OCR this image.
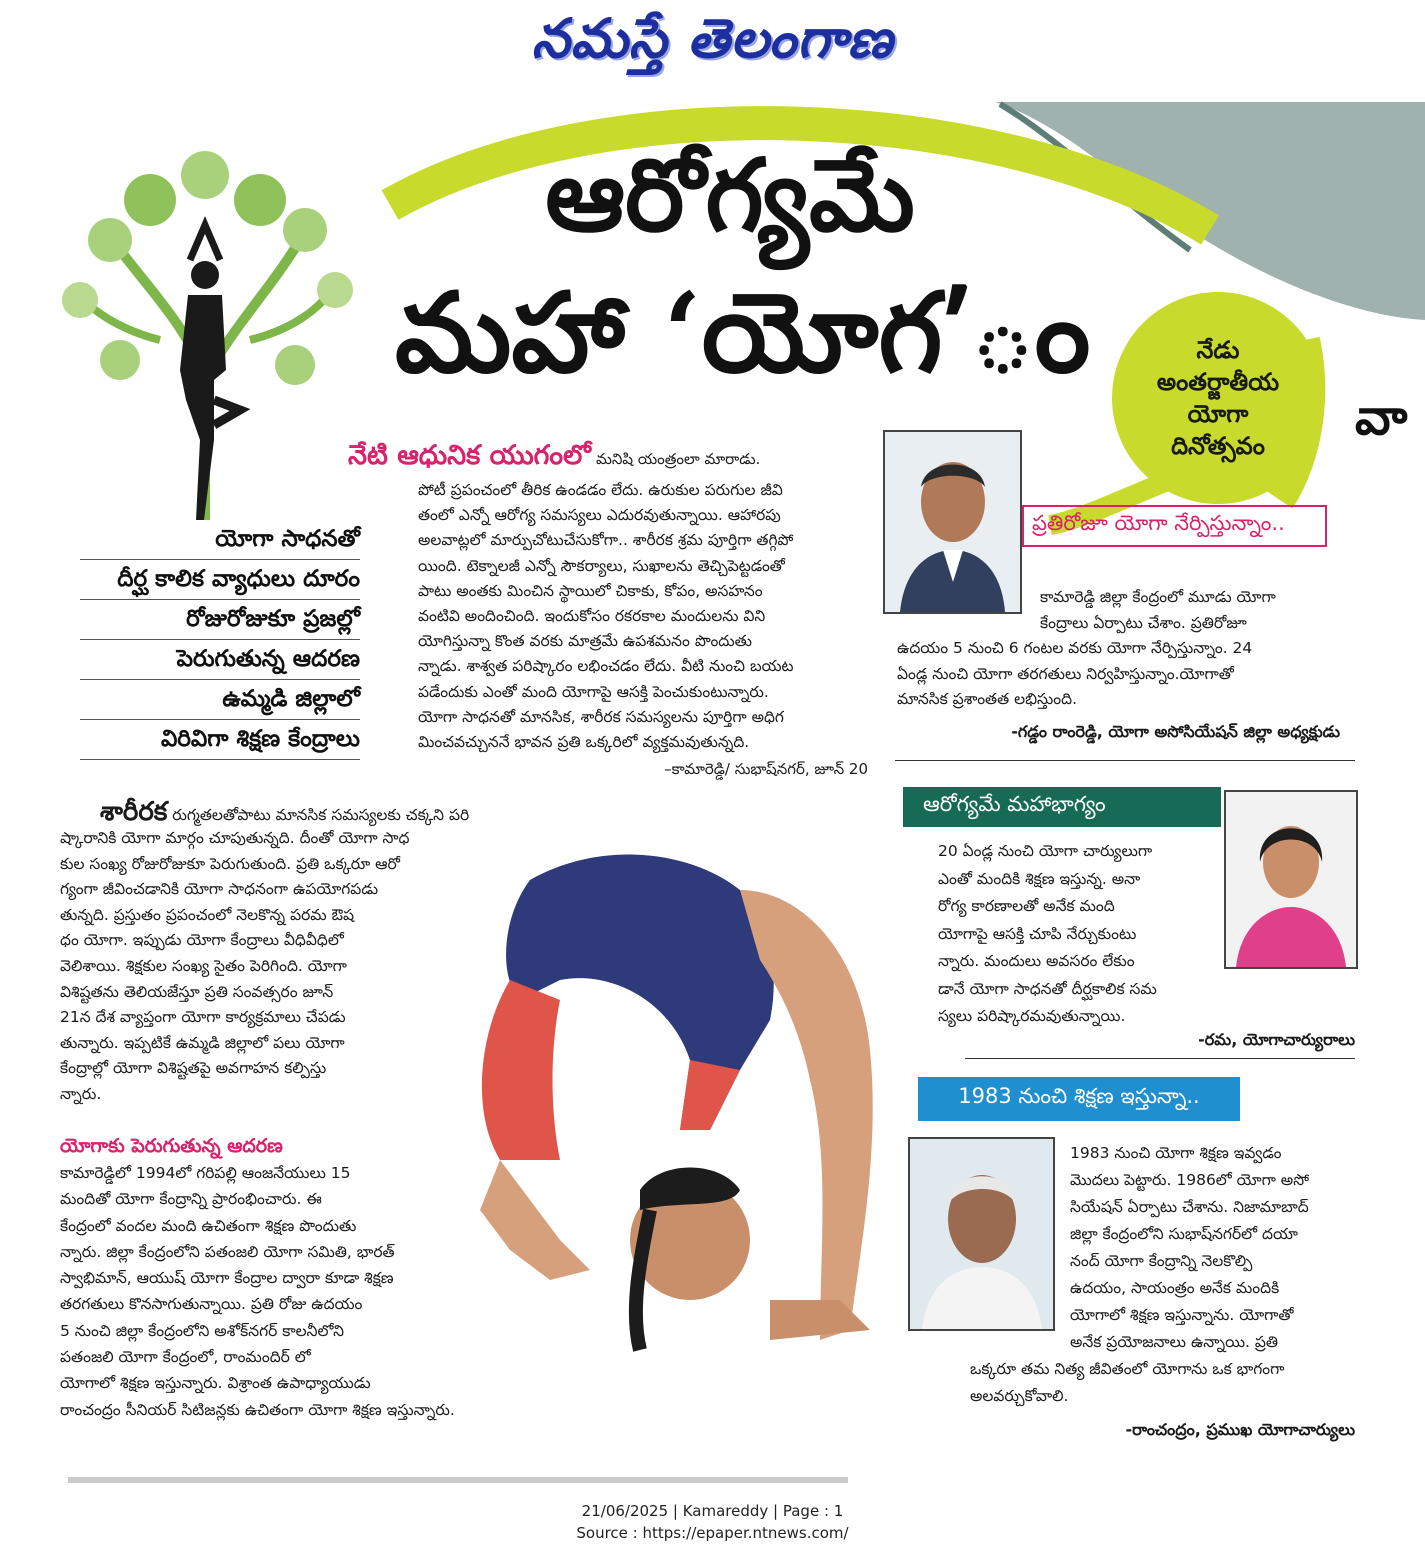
నమస్తే తెలంగాణ
ఆరోగ్యమే
మహా ‘యోగ’ం	నేడు
అంతర్జాతీయ
యోగా
దినోత్సవం వా
యోగా సాధనతో
దీర్ఘ కాలిక వ్యాధులు దూరం
రోజురోజుకూ ప్రజల్లో
పెరుగుతున్న ఆదరణ
ఉమ్మడి జిల్లాలో
విరివిగా శిక్షణ కేంద్రాలు
నేటి ఆధునిక యుగంలో మనిషి యంత్రంలా మారాడు.
పోటీ ప్రపంచంలో తీరిక ఉండడం లేదు. ఉరుకుల పరుగుల జీవి
తంలో ఎన్నో ఆరోగ్య సమస్యలు ఎదురవుతున్నాయి. ఆహారపు
అలవాట్లలో మార్పుచోటుచేసుకోగా.. శారీరక శ్రమ పూర్తిగా తగ్గిపో
యింది. టెక్నాలజీ ఎన్నో సౌకర్యాలు, సుఖాలను తెచ్చిపెట్టడంతో
పాటు అంతకు మించిన స్థాయిలో చికాకు, కోపం, అసహనం
వంటివి అందించింది. ఇందుకోసం రకరకాల మందులను విని
యోగిస్తున్నా కొంత వరకు మాత్రమే ఉపశమనం పొందుతు
న్నాడు. శాశ్వత పరిష్కారం లభించడం లేదు. వీటి నుంచి బయట
పడేందుకు ఎంతో మంది యోగాపై ఆసక్తి పెంచుకుంటున్నారు.
యోగా సాధనతో మానసిక, శారీరక సమస్యలను పూర్తిగా అధిగ
మించవచ్చుననే భావన ప్రతి ఒక్కరిలో వ్యక్తమవుతున్నది.
–కామారెడ్డి/ సుభాష్‌నగర్, జూన్ 20
శారీరక రుగ్మతలతోపాటు మానసిక సమస్యలకు చక్కని పరి
ష్కారానికి యోగా మార్గం చూపుతున్నది. దీంతో యోగా సాధ
కుల సంఖ్య రోజురోజుకూ పెరుగుతుంది. ప్రతి ఒక్కరూ ఆరో
గ్యంగా జీవించడానికి యోగా సాధనంగా ఉపయోగపడు
తున్నది. ప్రస్తుతం ప్రపంచంలో నెలకొన్న పరమ ఔష
ధం యోగా. ఇప్పుడు యోగా కేంద్రాలు వీధివీధిలో
వెలిశాయి. శిక్షకుల సంఖ్య సైతం పెరిగింది. యోగా
విశిష్టతను తెలియజేస్తూ ప్రతి సంవత్సరం జూన్
21న దేశ వ్యాప్తంగా యోగా కార్యక్రమాలు చేపడు
తున్నారు. ఇప్పటికే ఉమ్మడి జిల్లాలో పలు యోగా
కేంద్రాల్లో యోగా విశిష్టతపై అవగాహన కల్పిస్తు
న్నారు.
యోగాకు పెరుగుతున్న ఆదరణ
కామారెడ్డిలో 1994లో గరిపల్లి ఆంజనేయులు 15
మందితో యోగా కేంద్రాన్ని ప్రారంభించారు. ఈ
కేంద్రంలో వందల మంది ఉచితంగా శిక్షణ పొందుతు
న్నారు. జిల్లా కేంద్రంలోని పతంజలి యోగా సమితి, భారత్
స్వాభిమాన్, ఆయుష్ యోగా కేంద్రాల ద్వారా కూడా శిక్షణ
తరగతులు కొనసాగుతున్నాయి. ప్రతి రోజు ఉదయం
5 నుంచి జిల్లా కేంద్రంలోని అశోక్‌నగర్ కాలనీలోని
పతంజలి యోగా కేంద్రంలో, రాంమందిర్ లో
యోగాలో శిక్షణ ఇస్తున్నారు. విశ్రాంత ఉపాధ్యాయుడు
రాంచంద్రం సీనియర్ సిటిజన్లకు ఉచితంగా యోగా శిక్షణ ఇస్తున్నారు.
ప్రతిరోజూ యోగా నేర్పిస్తున్నాం..
కామారెడ్డి జిల్లా కేంద్రంలో మూడు యోగా
కేంద్రాలు ఏర్పాటు చేశాం. ప్రతిరోజూ
ఉదయం 5 నుంచి 6 గంటల వరకు యోగా నేర్పిస్తున్నాం. 24
ఏండ్ల నుంచి యోగా తరగతులు నిర్వహిస్తున్నాం.యోగాతో
మానసిక ప్రశాంతత లభిస్తుంది.
-గడ్డం రాంరెడ్డి, యోగా అసోసియేషన్ జిల్లా అధ్యక్షుడు
ఆరోగ్యమే మహాభాగ్యం
20 ఏండ్ల నుంచి యోగా చార్యులుగా
ఎంతో మందికి శిక్షణ ఇస్తున్న. అనా
రోగ్య కారణాలతో అనేక మంది
యోగాపై ఆసక్తి చూపి నేర్చుకుంటు
న్నారు. మందులు అవసరం లేకుం
డానే యోగా సాధనతో దీర్ఘకాలిక సమ
స్యలు పరిష్కారమవుతున్నాయి.
-రమ, యోగాచార్యురాలు
1983 నుంచి శిక్షణ ఇస్తున్నా..
1983 నుంచి యోగా శిక్షణ ఇవ్వడం
మొదలు పెట్టారు. 1986లో యోగా అసో
సియేషన్ ఏర్పాటు చేశాను. నిజామాబాద్
జిల్లా కేంద్రంలోని సుభాష్‌నగర్‌లో దయా
నంద్ యోగా కేంద్రాన్ని నెలకొల్పి
ఉదయం, సాయంత్రం అనేక మందికి
యోగాలో శిక్షణ ఇస్తున్నాను. యోగాతో
అనేక ప్రయోజనాలు ఉన్నాయి. ప్రతి
ఒక్కరూ తమ నిత్య జీవితంలో యోగాను ఒక భాగంగా
అలవర్చుకోవాలి.
-రాంచంద్రం, ప్రముఖ యోగాచార్యులు
21/06/2025 | Kamareddy | Page : 1
Source : https://epaper.ntnews.com/
